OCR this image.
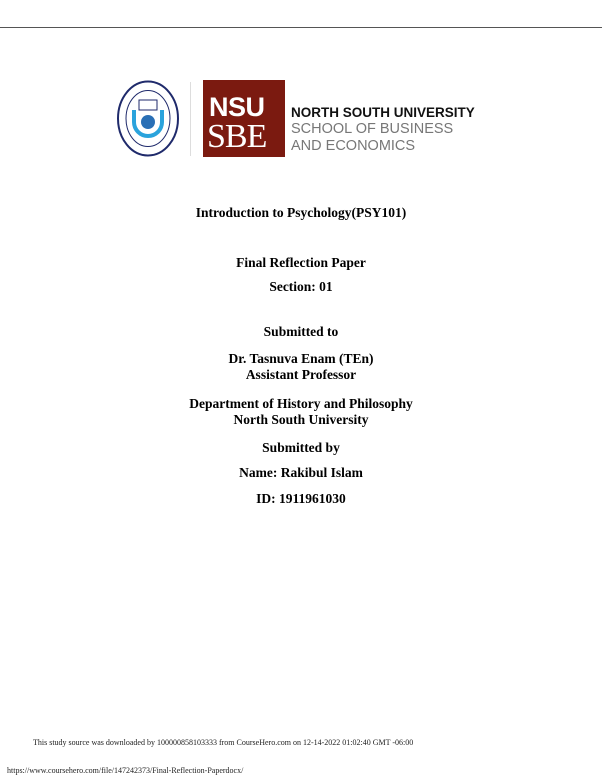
NSU
SBE
NORTH SOUTH UNIVERSITY
SCHOOL OF BUSINESS
AND ECONOMICS
Introduction to Psychology(PSY101)
Final Reflection Paper
Section: 01
Submitted to
Dr. Tasnuva Enam (TEn)
Assistant Professor
Department of History and Philosophy
North South University
Submitted by
Name: Rakibul Islam
ID: 1911961030
This study source was downloaded by 100000858103333 from CourseHero.com on 12-14-2022 01:02:40 GMT -06:00
https://www.coursehero.com/file/147242373/Final-Reflection-Paperdocx/
